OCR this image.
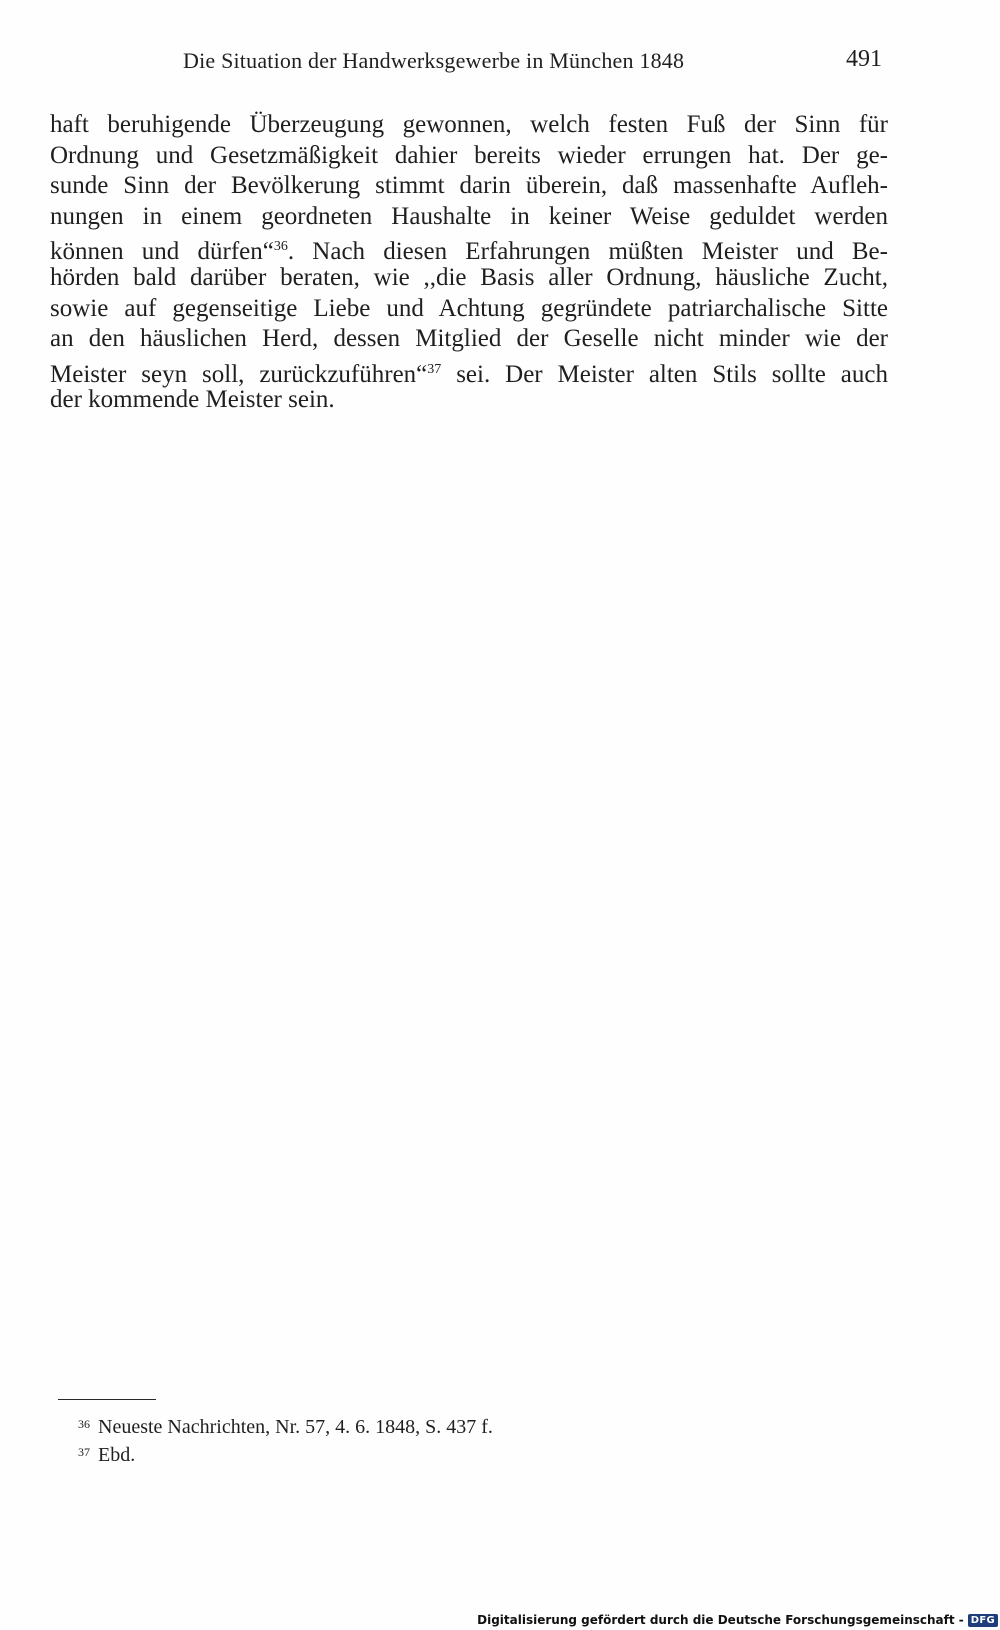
Die Situation der Handwerksgewerbe in München 1848	491
haft beruhigende Überzeugung gewonnen, welch festen Fuß der Sinn für
Ordnung und Gesetzmäßigkeit dahier bereits wieder errungen hat. Der ge-
sunde Sinn der Bevölkerung stimmt darin überein, daß massenhafte Aufleh-
nungen in einem geordneten Haushalte in keiner Weise geduldet werden
können und dürfen“$^{36}$. Nach diesen Erfahrungen müßten Meister und Be-
hörden bald darüber beraten, wie ,,die Basis aller Ordnung, häusliche Zucht,
sowie auf gegenseitige Liebe und Achtung gegründete patriarchalische Sitte
an den häuslichen Herd, dessen Mitglied der Geselle nicht minder wie der
Meister seyn soll, zurückzuführen“$^{37}$ sei. Der Meister alten Stils sollte auch
der kommende Meister sein.
36 Neueste Nachrichten, Nr. 57, 4. 6. 1848, S. 437 f.
37 Ebd.
Digitalisierung gefördert durch die Deutsche Forschungsgemeinschaft - DFG
